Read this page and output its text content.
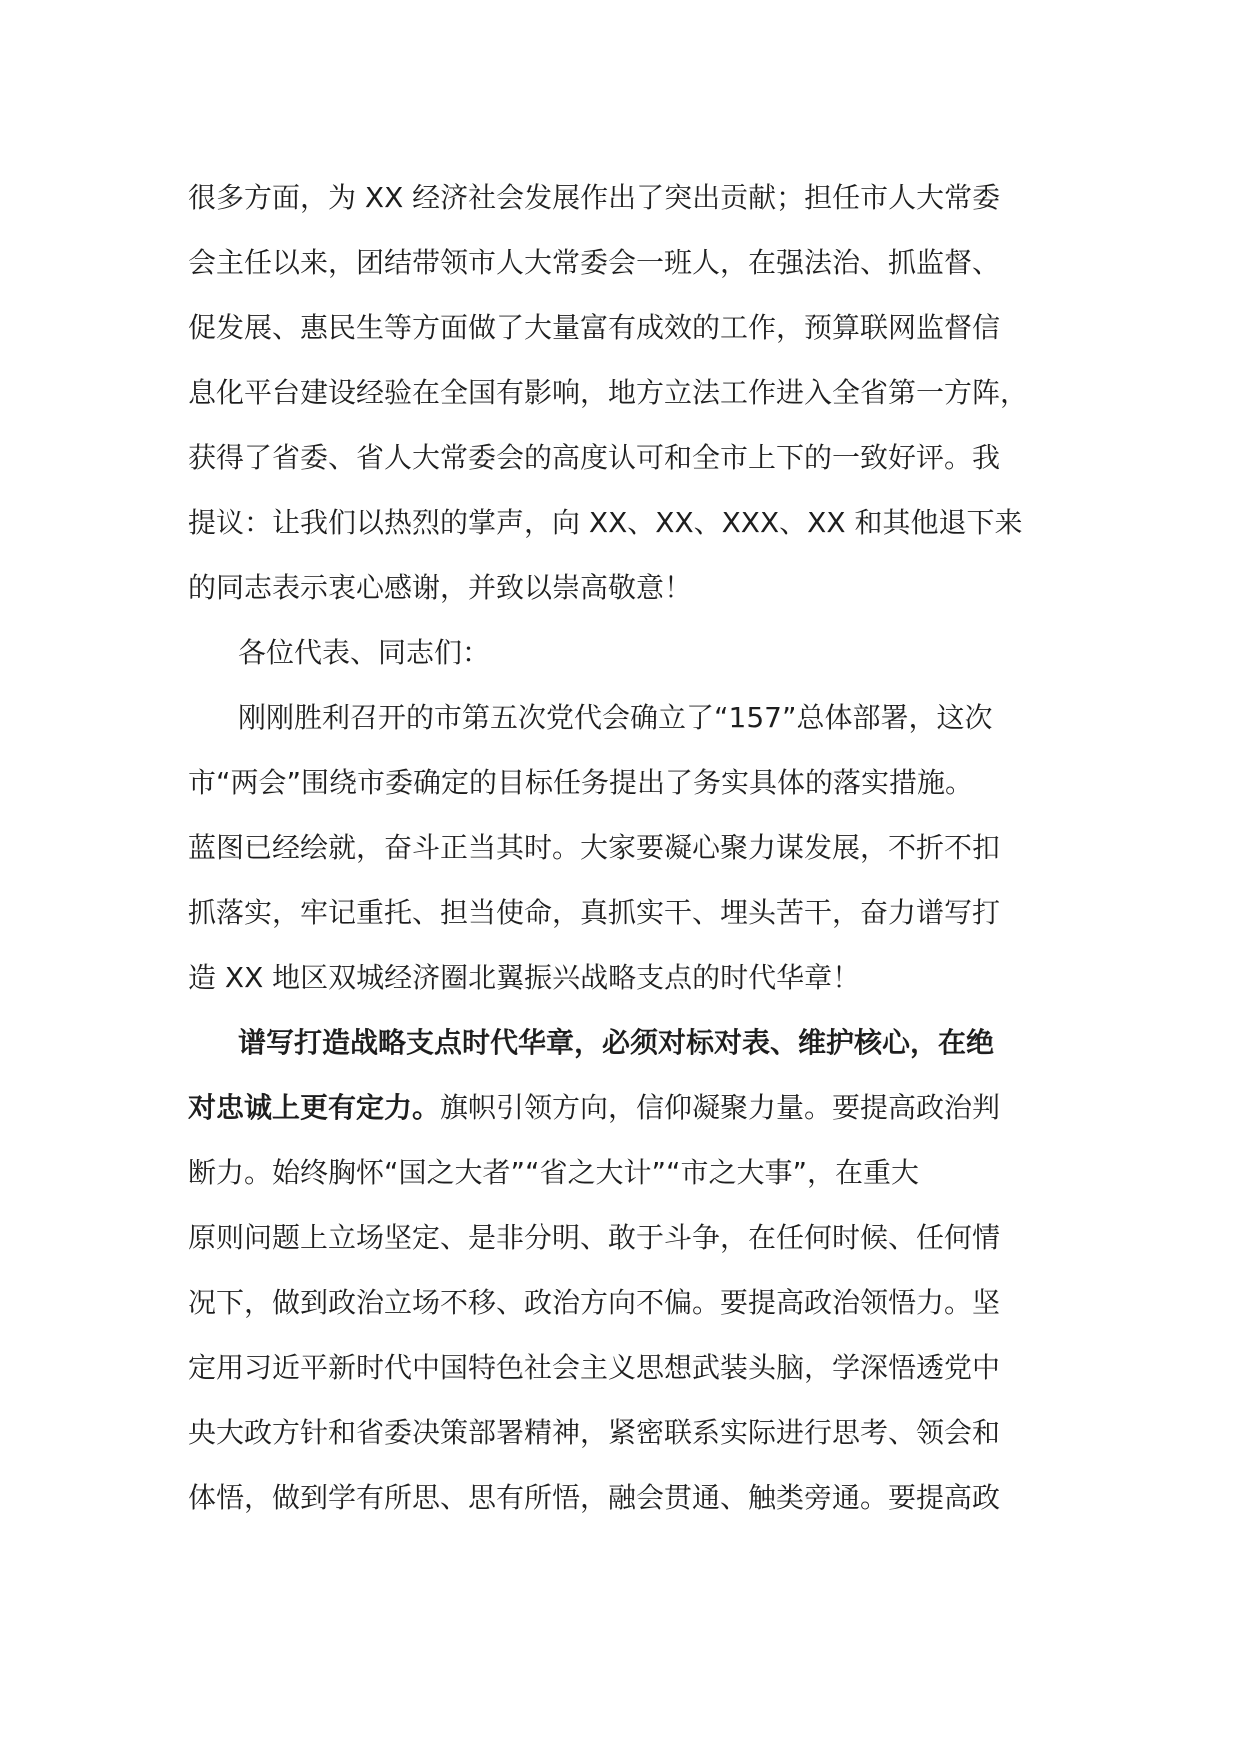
很多方面，为 XX 经济社会发展作出了突出贡献；担任市人大常委

会主任以来，团结带领市人大常委会一班人，在强法治、抓监督、

促发展、惠民生等方面做了大量富有成效的工作，预算联网监督信

息化平台建设经验在全国有影响，地方立法工作进入全省第一方阵，

获得了省委、省人大常委会的高度认可和全市上下的一致好评。我

提议：让我们以热烈的掌声，向 XX、XX、XXX、XX 和其他退下来

的同志表示衷心感谢，并致以崇高敬意！

各位代表、同志们：

刚刚胜利召开的市第五次党代会确立了“157”总体部署，这次

市“两会”围绕市委确定的目标任务提出了务实具体的落实措施。

蓝图已经绘就，奋斗正当其时。大家要凝心聚力谋发展，不折不扣

抓落实，牢记重托、担当使命，真抓实干、埋头苦干，奋力谱写打

造 XX 地区双城经济圈北翼振兴战略支点的时代华章！

谱写打造战略支点时代华章，必须对标对表、维护核心，在绝

对忠诚上更有定力。旗帜引领方向，信仰凝聚力量。要提高政治判

断力。始终胸怀“国之大者”“省之大计”“市之大事”，在重大

原则问题上立场坚定、是非分明、敢于斗争，在任何时候、任何情

况下，做到政治立场不移、政治方向不偏。要提高政治领悟力。坚

定用习近平新时代中国特色社会主义思想武装头脑，学深悟透党中

央大政方针和省委决策部署精神，紧密联系实际进行思考、领会和

体悟，做到学有所思、思有所悟，融会贯通、触类旁通。要提高政
